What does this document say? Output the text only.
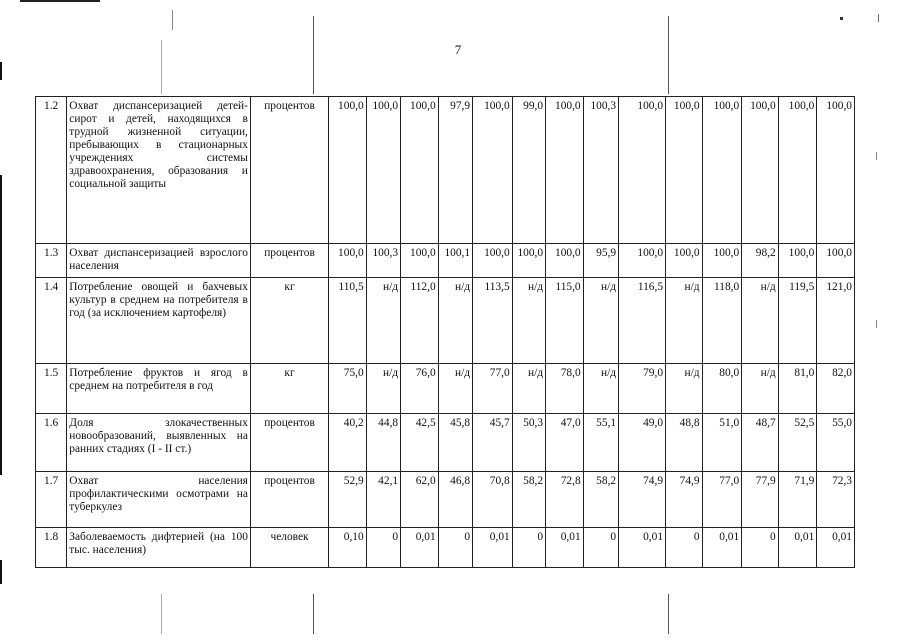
7
1.2	Охват диспансеризацией детей-сирот и детей, находящихся в трудной жизненной ситуации, пребывающих в стационарных учреждениях системы здравоохранения, образования и социальной защиты	процентов	100,0	100,0	100,0	97,9	100,0	99,0	100,0	100,3	100,0	100,0	100,0	100,0	100,0	100,0
1.3	Охват диспансеризацией взрослого населения	процентов	100,0	100,3	100,0	100,1	100,0	100,0	100,0	95,9	100,0	100,0	100,0	98,2	100,0	100,0
1.4	Потребление овощей и бахчевых культур в среднем на потребителя в год (за исключением картофеля)	кг	110,5	н/д	112,0	н/д	113,5	н/д	115,0	н/д	116,5	н/д	118,0	н/д	119,5	121,0
1.5	Потребление фруктов и ягод в среднем на потребителя в год	кг	75,0	н/д	76,0	н/д	77,0	н/д	78,0	н/д	79,0	н/д	80,0	н/д	81,0	82,0
1.6	Доля злокачественных новообразований, выявленных на ранних стадиях (I - II ст.)	процентов	40,2	44,8	42,5	45,8	45,7	50,3	47,0	55,1	49,0	48,8	51,0	48,7	52,5	55,0
1.7	Охват населения профилактическими осмотрами на туберкулез	процентов	52,9	42,1	62,0	46,8	70,8	58,2	72,8	58,2	74,9	74,9	77,0	77,9	71,9	72,3
1.8	Заболеваемость дифтерией (на 100 тыс. населения)	человек	0,10	0	0,01	0	0,01	0	0,01	0	0,01	0	0,01	0	0,01	0,01
